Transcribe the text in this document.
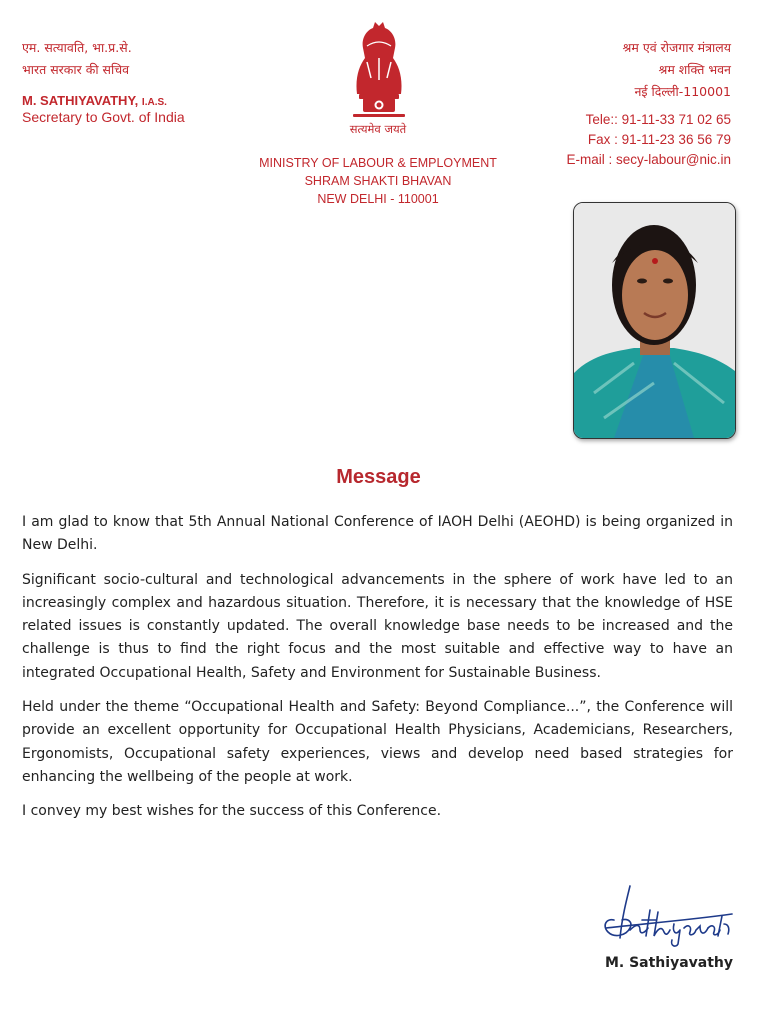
एम. सत्यावति, भा.प्र.से.
भारत सरकार की सचिव
M. SATHIYAVATHY, I.A.S.
Secretary to Govt. of India
सत्यमेव जयते
MINISTRY OF LABOUR & EMPLOYMENT
SHRAM SHAKTI BHAVAN
NEW DELHI - 110001
श्रम एवं रोजगार मंत्रालय
श्रम शक्ति भवन
नई दिल्ली-110001
Tele:: 91-11-33 71 02 65
Fax : 91-11-23 36 56 79
E-mail : secy-labour@nic.in
Message

I am glad to know that 5th Annual National Conference of IAOH Delhi (AEOHD) is being organized in New Delhi.

Significant socio-cultural and technological advancements in the sphere of work have led to an increasingly complex and hazardous situation. Therefore, it is necessary that the knowledge of HSE related issues is constantly updated. The overall knowledge base needs to be increased and the challenge is thus to find the right focus and the most suitable and effective way to have an integrated Occupational Health, Safety and Environment for Sustainable Business.

Held under the theme “Occupational Health and Safety: Beyond Compliance...”, the Conference will provide an excellent opportunity for Occupational Health Physicians, Academicians, Researchers, Ergonomists, Occupational safety experiences, views and develop need based strategies for enhancing the wellbeing of the people at work.

I convey my best wishes for the success of this Conference.

M. Sathiyavathy
